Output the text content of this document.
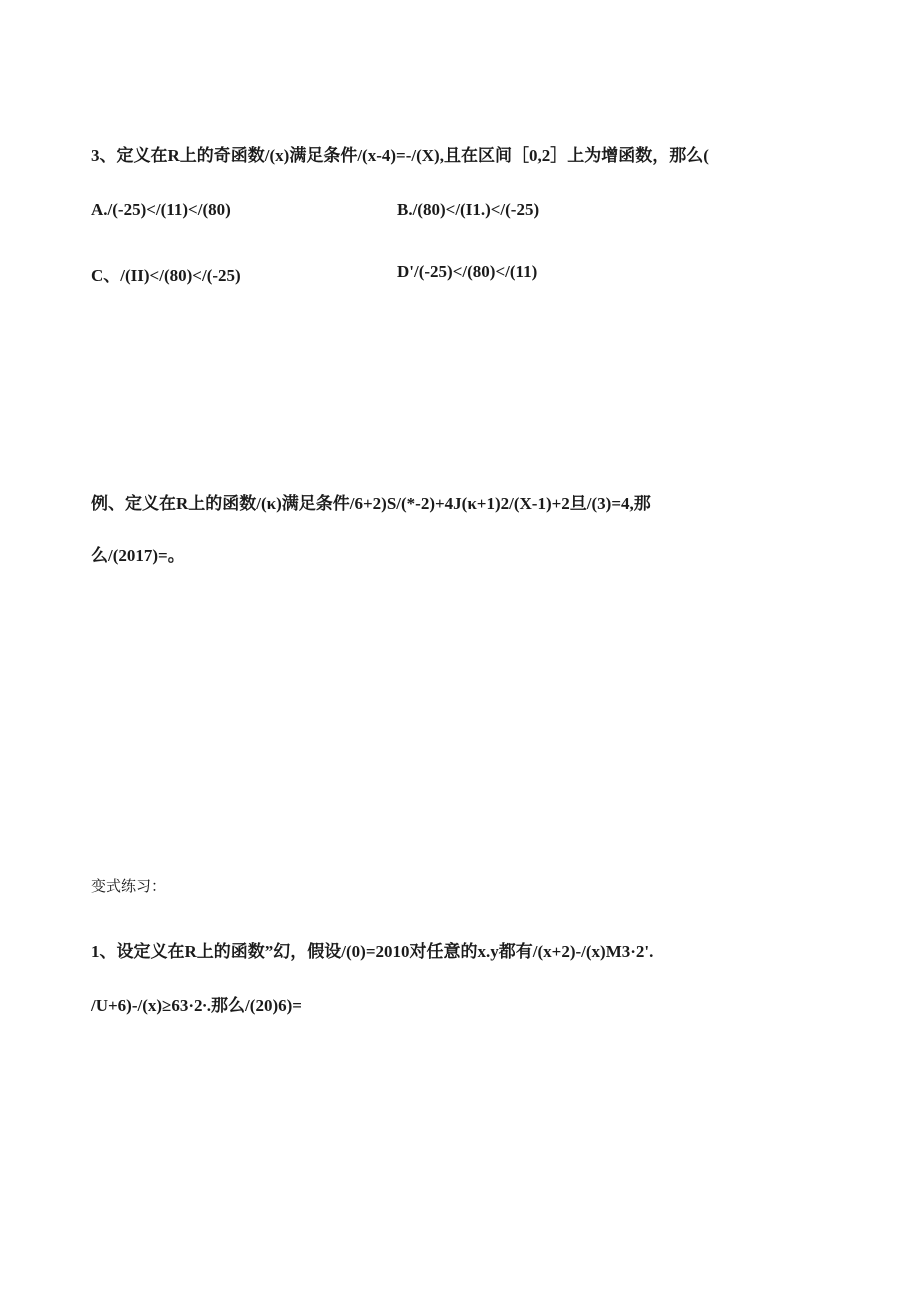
3、定义在R上的奇函数/(x)满足条件/(x-4)=-/(X),且在区间［0,2］上为增函数，那么(
A./(-25)</(11)</(80)	B./(80)</(I1.)</(-25)
C、/(II)</(80)</(-25)	D'/(-25)</(80)</(11)
例、定义在R上的函数/(κ)满足条件/6+2)S/(*-2)+4J(κ+1)2/(X-1)+2旦/(3)=4,那
么/(2017)=。
变式练习：
1、设定义在R上的函数”幻，假设/(0)=2010对任意的x.y都有/(x+2)-/(x)M3·2'.
/U+6)-/(x)≥63·2∙.那么/(20)6)=
